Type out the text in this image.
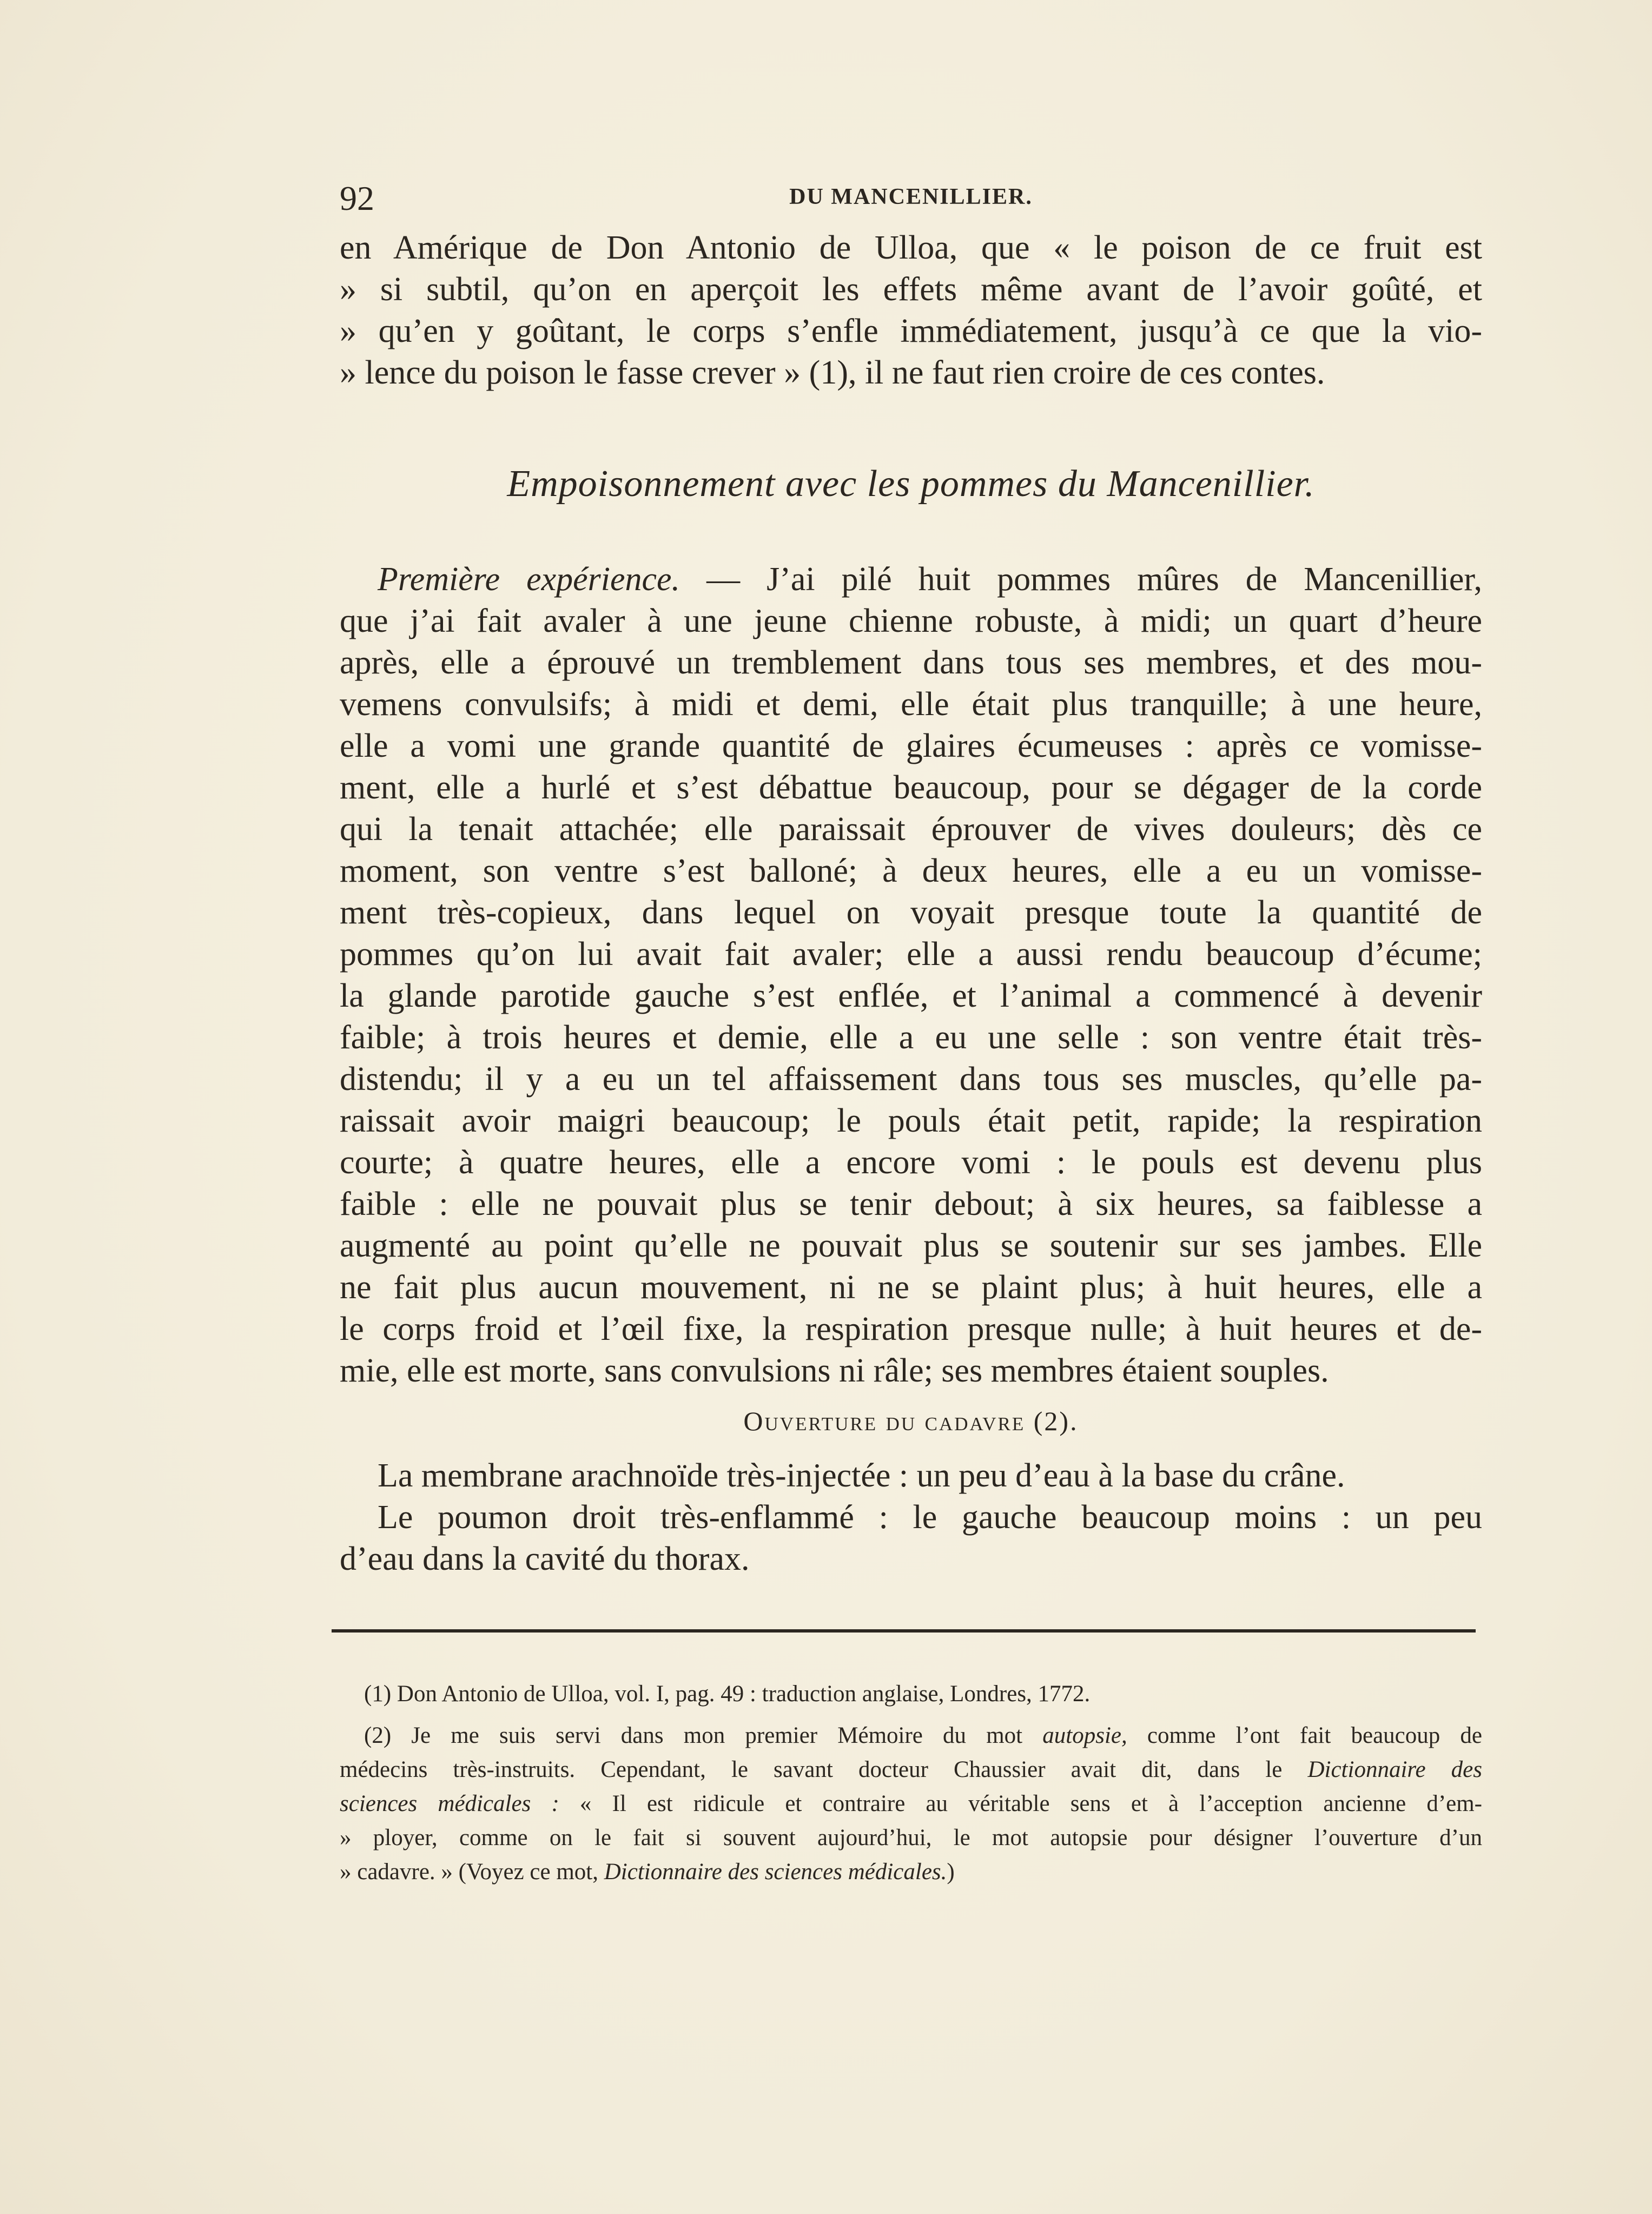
92	DU MANCENILLIER.
en Amérique de Don Antonio de Ulloa, que « le poison de ce fruit est
» si subtil, qu’on en aperçoit les effets même avant de l’avoir goûté, et
» qu’en y goûtant, le corps s’enfle immédiatement, jusqu’à ce que la vio-
» lence du poison le fasse crever » (1), il ne faut rien croire de ces contes.
Empoisonnement avec les pommes du Mancenillier.
Première expérience. — J’ai pilé huit pommes mûres de Mancenillier,
que j’ai fait avaler à une jeune chienne robuste, à midi; un quart d’heure
après, elle a éprouvé un tremblement dans tous ses membres, et des mou-
vemens convulsifs; à midi et demi, elle était plus tranquille; à une heure,
elle a vomi une grande quantité de glaires écumeuses : après ce vomisse-
ment, elle a hurlé et s’est débattue beaucoup, pour se dégager de la corde
qui la tenait attachée; elle paraissait éprouver de vives douleurs; dès ce
moment, son ventre s’est balloné; à deux heures, elle a eu un vomisse-
ment très-copieux, dans lequel on voyait presque toute la quantité de
pommes qu’on lui avait fait avaler; elle a aussi rendu beaucoup d’écume;
la glande parotide gauche s’est enflée, et l’animal a commencé à devenir
faible; à trois heures et demie, elle a eu une selle : son ventre était très-
distendu; il y a eu un tel affaissement dans tous ses muscles, qu’elle pa-
raissait avoir maigri beaucoup; le pouls était petit, rapide; la respiration
courte; à quatre heures, elle a encore vomi : le pouls est devenu plus
faible : elle ne pouvait plus se tenir debout; à six heures, sa faiblesse a
augmenté au point qu’elle ne pouvait plus se soutenir sur ses jambes. Elle
ne fait plus aucun mouvement, ni ne se plaint plus; à huit heures, elle a
le corps froid et l’œil fixe, la respiration presque nulle; à huit heures et de-
mie, elle est morte, sans convulsions ni râle; ses membres étaient souples.
Ouverture du cadavre (2).
La membrane arachnoïde très-injectée : un peu d’eau à la base du crâne.
Le poumon droit très-enflammé : le gauche beaucoup moins : un peu
d’eau dans la cavité du thorax.
(1) Don Antonio de Ulloa, vol. I, pag. 49 : traduction anglaise, Londres, 1772.
(2) Je me suis servi dans mon premier Mémoire du mot autopsie, comme l’ont fait beaucoup de
médecins très-instruits. Cependant, le savant docteur Chaussier avait dit, dans le Dictionnaire des
sciences médicales : « Il est ridicule et contraire au véritable sens et à l’acception ancienne d’em-
» ployer, comme on le fait si souvent aujourd’hui, le mot autopsie pour désigner l’ouverture d’un
» cadavre. » (Voyez ce mot, Dictionnaire des sciences médicales.)
